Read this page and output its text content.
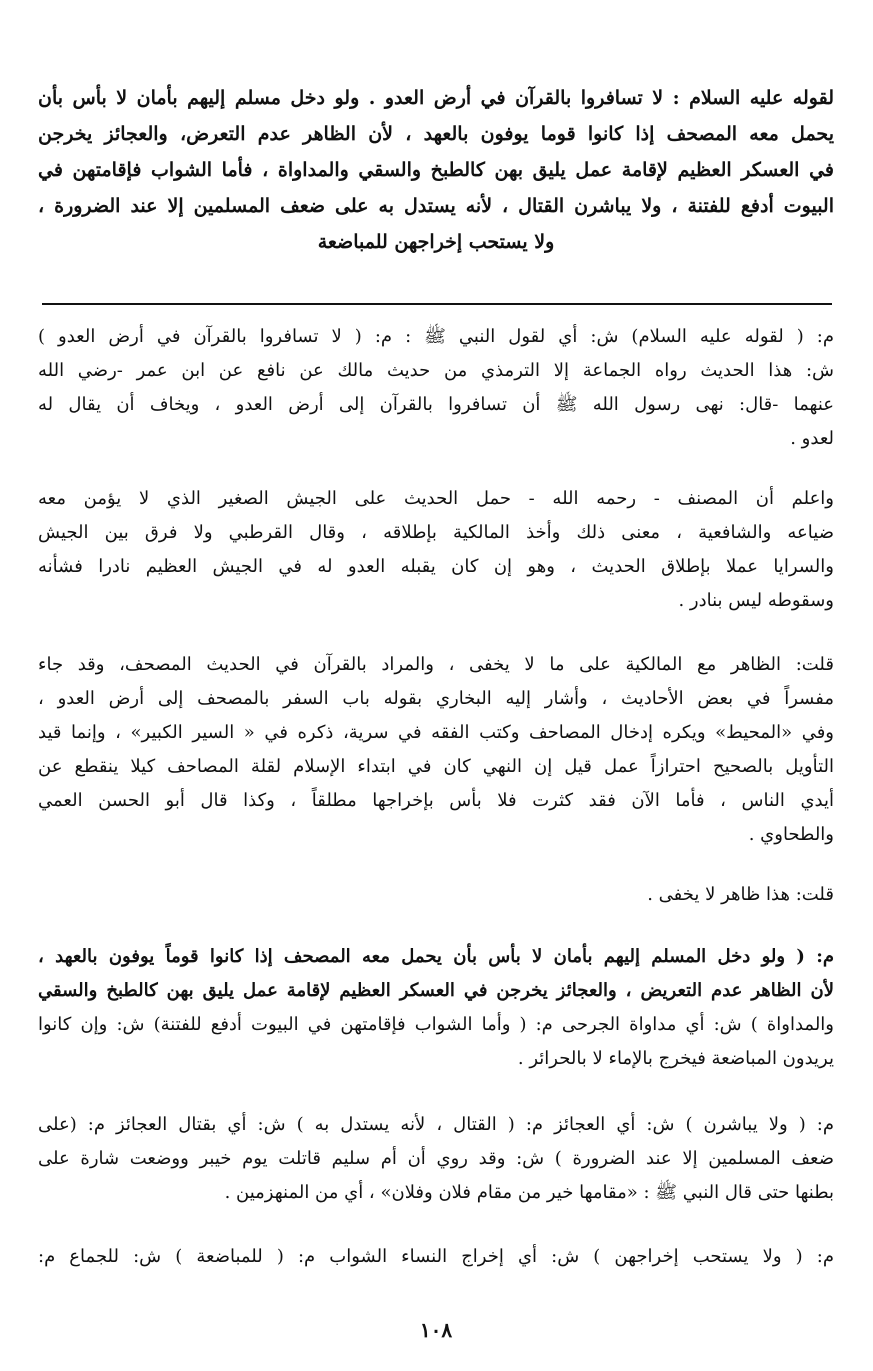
لقوله عليه السلام : لا تسافروا بالقرآن في أرض العدو . ولو دخل مسلم إليهم بأمان لا بأس بأن
يحمل معه المصحف إذا كانوا قوما يوفون بالعهد ، لأن الظاهر عدم التعرض، والعجائز يخرجن
في العسكر العظيم لإقامة عمل يليق بهن كالطبخ والسقي والمداواة ، فأما الشواب فإقامتهن في
البيوت أدفع للفتنة ، ولا يباشرن القتال ، لأنه يستدل به على ضعف المسلمين إلا عند الضرورة ،
ولا يستحب إخراجهن للمباضعة
م: ( لقوله عليه السلام) ش: أي لقول النبي ﷺ : م: ( لا تسافروا بالقرآن في أرض العدو )
ش: هذا الحديث رواه الجماعة إلا الترمذي من حديث مالك عن نافع عن ابن عمر -رضي الله
عنهما -قال: نهى رسول الله ﷺ أن تسافروا بالقرآن إلى أرض العدو ، ويخاف أن يقال له
لعدو .
واعلم أن المصنف - رحمه الله - حمل الحديث على الجيش الصغير الذي لا يؤمن معه
ضياعه والشافعية ، معنى ذلك وأخذ المالكية بإطلاقه ، وقال القرطبي ولا فرق بين الجيش
والسرايا عملا بإطلاق الحديث ، وهو إن كان يقبله العدو له في الجيش العظيم نادرا فشأنه
وسقوطه ليس بنادر .
قلت: الظاهر مع المالكية على ما لا يخفى ، والمراد بالقرآن في الحديث المصحف، وقد جاء
مفسراً في بعض الأحاديث ، وأشار إليه البخاري بقوله باب السفر بالمصحف إلى أرض العدو ،
وفي «المحيط» ويكره إدخال المصاحف وكتب الفقه في سرية، ذكره في « السير الكبير» ، وإنما قيد
التأويل بالصحيح احترازاً عمل قيل إن النهي كان في ابتداء الإسلام لقلة المصاحف كيلا ينقطع عن
أيدي الناس ، فأما الآن فقد كثرت فلا بأس بإخراجها مطلقاً ، وكذا قال أبو الحسن العمي
والطحاوي .
قلت: هذا ظاهر لا يخفى .
م: ( ولو دخل المسلم إليهم بأمان لا بأس بأن يحمل معه المصحف إذا كانوا قوماً يوفون بالعهد ،
لأن الظاهر عدم التعريض ، والعجائز يخرجن في العسكر العظيم لإقامة عمل يليق بهن كالطبخ والسقي
والمداواة ) ش: أي مداواة الجرحى م: ( وأما الشواب فإقامتهن في البيوت أدفع للفتنة) ش: وإن كانوا
يريدون المباضعة فيخرج بالإماء لا بالحرائر .
م: ( ولا يباشرن ) ش: أي العجائز م: ( القتال ، لأنه يستدل به ) ش: أي بقتال العجائز م: (على
ضعف المسلمين إلا عند الضرورة ) ش: وقد روي أن أم سليم قاتلت يوم خيبر ووضعت شارة على
بطنها حتى قال النبي ﷺ : «مقامها خير من مقام فلان وفلان» ، أي من المنهزمين .
م: ( ولا يستحب إخراجهن ) ش: أي إخراج النساء الشواب م: ( للمباضعة ) ش: للجماع م:
١٠٨
